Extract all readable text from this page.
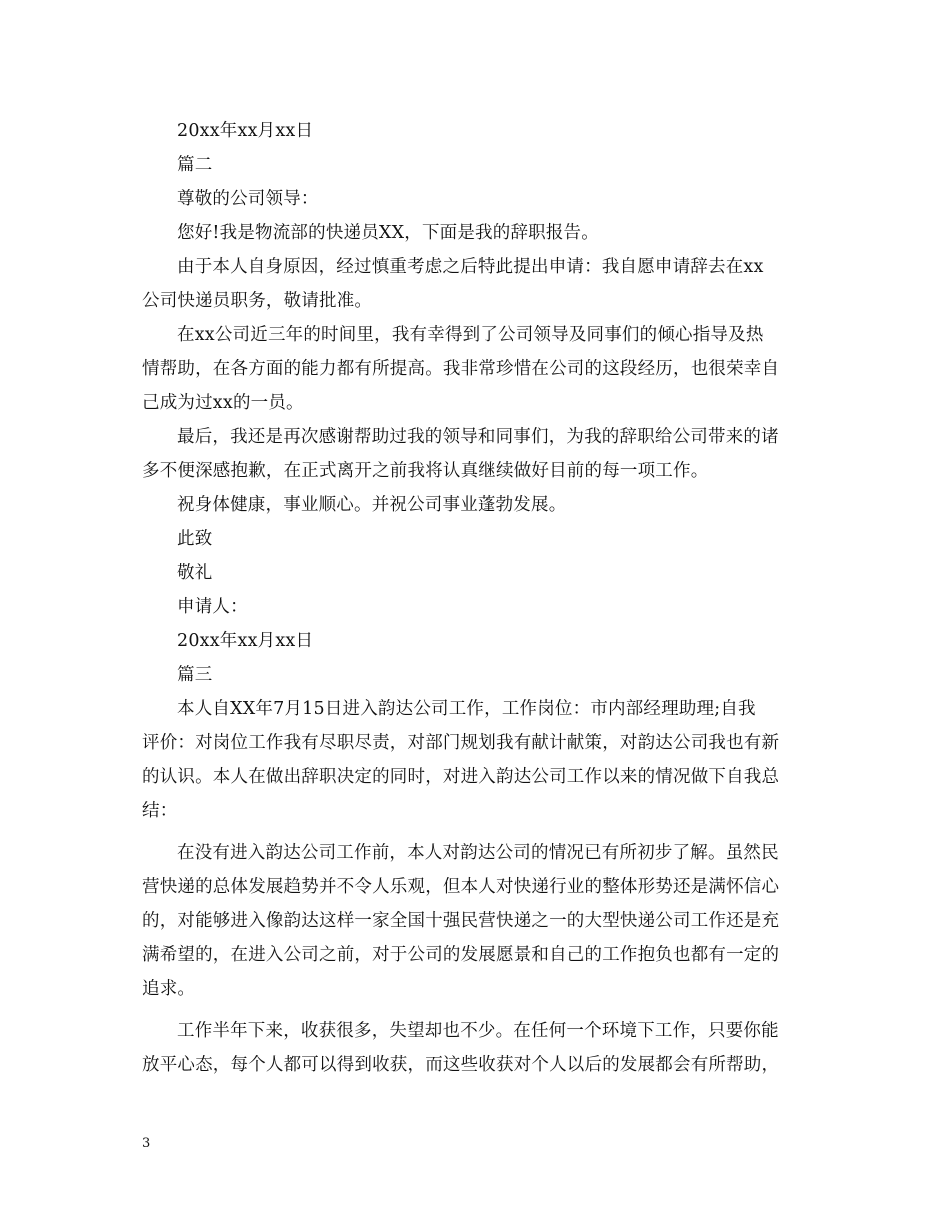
20xx年xx月xx日
篇二
尊敬的公司领导：
您好!我是物流部的快递员XX，下面是我的辞职报告。
由于本人自身原因，经过慎重考虑之后特此提出申请：我自愿申请辞去在xx
公司快递员职务，敬请批准。
在xx公司近三年的时间里，我有幸得到了公司领导及同事们的倾心指导及热
情帮助，在各方面的能力都有所提高。我非常珍惜在公司的这段经历，也很荣幸自
己成为过xx的一员。
最后，我还是再次感谢帮助过我的领导和同事们，为我的辞职给公司带来的诸
多不便深感抱歉，在正式离开之前我将认真继续做好目前的每一项工作。
祝身体健康，事业顺心。并祝公司事业蓬勃发展。
此致
敬礼
申请人：
20xx年xx月xx日
篇三
本人自XX年7月15日进入韵达公司工作，工作岗位：市内部经理助理;自我
评价：对岗位工作我有尽职尽责，对部门规划我有献计献策，对韵达公司我也有新
的认识。本人在做出辞职决定的同时，对进入韵达公司工作以来的情况做下自我总
结：
在没有进入韵达公司工作前，本人对韵达公司的情况已有所初步了解。虽然民
营快递的总体发展趋势并不令人乐观，但本人对快递行业的整体形势还是满怀信心
的，对能够进入像韵达这样一家全国十强民营快递之一的大型快递公司工作还是充
满希望的，在进入公司之前，对于公司的发展愿景和自己的工作抱负也都有一定的
追求。
工作半年下来，收获很多，失望却也不少。在任何一个环境下工作，只要你能
放平心态，每个人都可以得到收获，而这些收获对个人以后的发展都会有所帮助，
3
